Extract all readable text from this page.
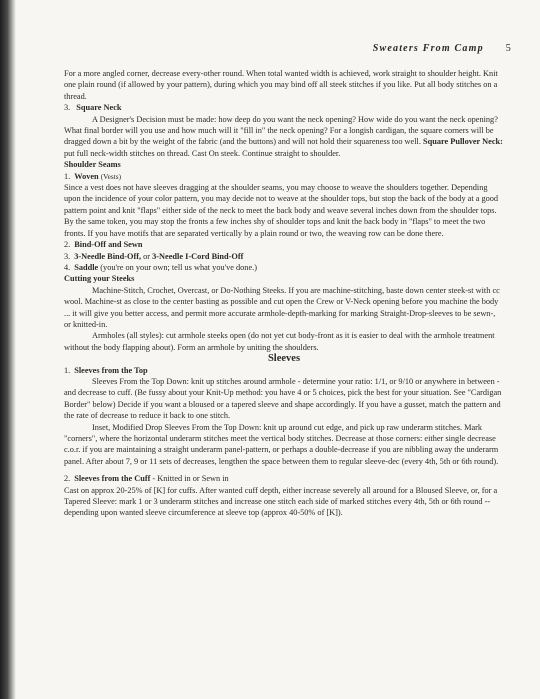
Sweaters From Camp 5

For a more angled corner, decrease every-other round. When total wanted width is achieved, work straight to shoulder height. Knit one plain round (if allowed by your pattern), during which you may bind off all steek stitches if you like. Put all body stitches on a thread.

3. Square Neck

A Designer's Decision must be made: how deep do you want the neck opening? How wide do you want the neck opening? What final border will you use and how much will it "fill in" the neck opening? For a longish cardigan, the square corners will be dragged down a bit by the weight of the fabric (and the buttons) and will not hold their squareness too well. Square Pullover Neck: put full neck-width stitches on thread. Cast On steek. Continue straight to shoulder.

Shoulder Seams

1. Woven (Vests)

Since a vest does not have sleeves dragging at the shoulder seams, you may choose to weave the shoulders together. Depending upon the incidence of your color pattern, you may decide not to weave at the shoulder tops, but stop the back of the body at a good pattern point and knit "flaps" either side of the neck to meet the back body and weave several inches down from the shoulder tops. By the same token, you may stop the fronts a few inches shy of shoulder tops and knit the back body in "flaps" to meet the two fronts. If you have motifs that are separated vertically by a plain round or two, the weaving row can be done there.

2. Bind-Off and Sewn

3. 3-Needle Bind-Off, or 3-Needle I-Cord Bind-Off

4. Saddle (you're on your own; tell us what you've done.)

Cutting your Steeks

Machine-Stitch, Crochet, Overcast, or Do-Nothing Steeks. If you are machine-stitching, baste down center steek-st with cc wool. Machine-st as close to the center basting as possible and cut open the Crew or V-Neck opening before you machine the body ... it will give you better access, and permit more accurate armhole-depth-marking for marking Straight-Drop-sleeves to be sewn-, or knitted-in.

Armholes (all styles): cut armhole steeks open (do not yet cut body-front as it is easier to deal with the armhole treatment without the body flapping about). Form an armhole by uniting the shoulders.

Sleeves

1. Sleeves from the Top

Sleeves From the Top Down: knit up stitches around armhole - determine your ratio: 1/1, or 9/10 or anywhere in between - and decrease to cuff. (Be fussy about your Knit-Up method: you have 4 or 5 choices, pick the best for your situation. See "Cardigan Border" below) Decide if you want a bloused or a tapered sleeve and shape accordingly. If you have a gusset, match the pattern and the rate of decrease to reduce it back to one stitch.

Inset, Modified Drop Sleeves From the Top Down: knit up around cut edge, and pick up raw underarm stitches. Mark "corners", where the horizontal underarm stitches meet the vertical body stitches. Decrease at those corners: either single decrease c.o.r. if you are maintaining a straight underarm panel-pattern, or perhaps a double-decrease if you are nibbling away the underarm panel. After about 7, 9 or 11 sets of decreases, lengthen the space between them to regular sleeve-dec (every 4th, 5th or 6th round).

2. Sleeves from the Cuff - Knitted in or Sewn in

Cast on approx 20-25% of [K] for cuffs. After wanted cuff depth, either increase severely all around for a Bloused Sleeve, or, for a Tapered Sleeve: mark 1 or 3 underarm stitches and increase one stitch each side of marked stitches every 4th, 5th or 6th round -- depending upon wanted sleeve circumference at sleeve top (approx 40-50% of [K]).
